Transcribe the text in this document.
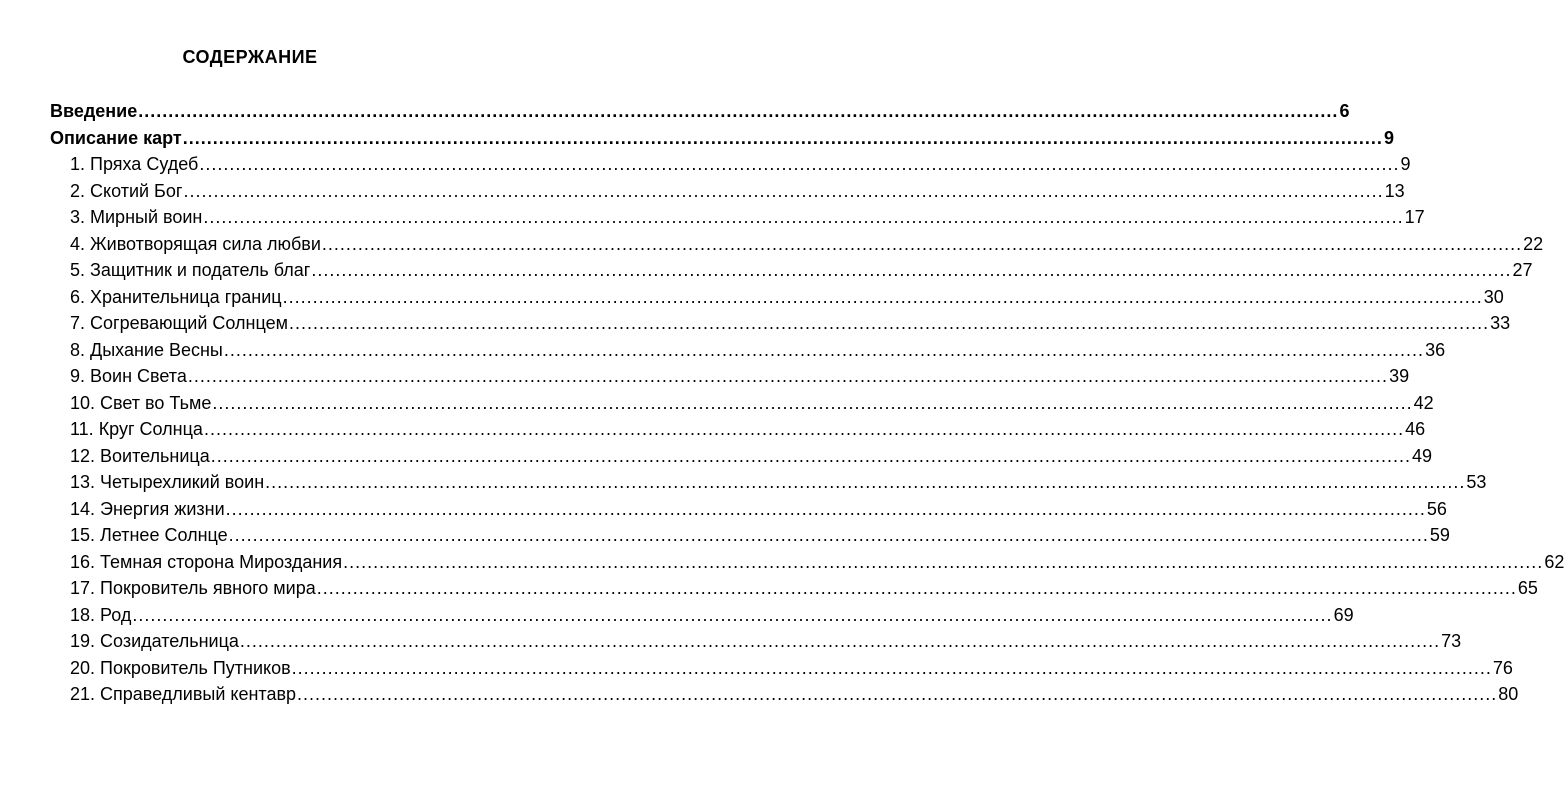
СОДЕРЖАНИЕ
Введение ........................................................................................................................................................................................................ 6
Описание карт ........................................................................................................................................................................................................ 9
1. Пряха Судеб ........................................................................................................................................................................................................ 9
2. Скотий Бог ........................................................................................................................................................................................................ 13
3. Мирный воин ........................................................................................................................................................................................................ 17
4. Животворящая сила любви ........................................................................................................................................................................................................ 22
5. Защитник и податель благ ........................................................................................................................................................................................................ 27
6. Хранительница границ ........................................................................................................................................................................................................ 30
7. Согревающий Солнцем ........................................................................................................................................................................................................ 33
8. Дыхание Весны ........................................................................................................................................................................................................ 36
9. Воин Света ........................................................................................................................................................................................................ 39
10. Свет во Тьме ........................................................................................................................................................................................................ 42
11. Круг Солнца ........................................................................................................................................................................................................ 46
12. Воительница ........................................................................................................................................................................................................ 49
13. Четырехликий воин ........................................................................................................................................................................................................ 53
14. Энергия жизни ........................................................................................................................................................................................................ 56
15. Летнее Солнце ........................................................................................................................................................................................................ 59
16. Темная сторона Мироздания ........................................................................................................................................................................................................ 62
17. Покровитель явного мира ........................................................................................................................................................................................................ 65
18. Род ........................................................................................................................................................................................................ 69
19. Созидательница ........................................................................................................................................................................................................ 73
20. Покровитель Путников ........................................................................................................................................................................................................ 76
21. Справедливый кентавр ........................................................................................................................................................................................................ 80
